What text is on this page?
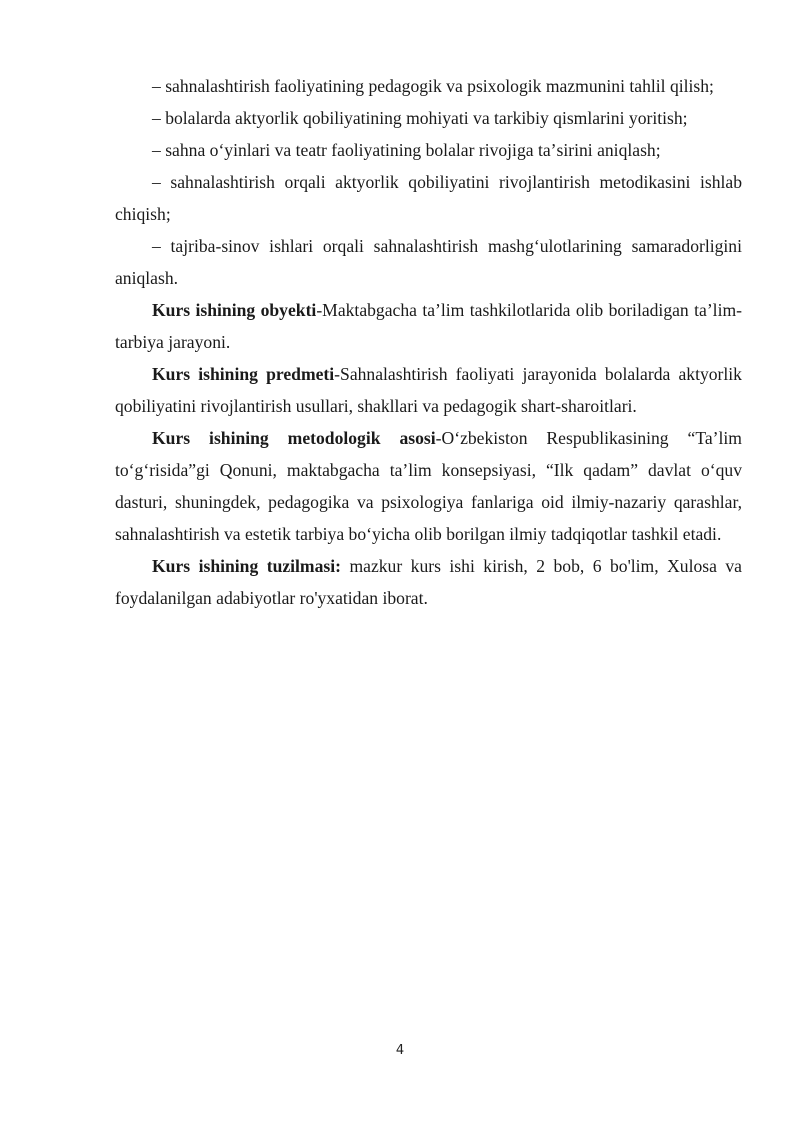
– sahnalashtirish faoliyatining pedagogik va psixologik mazmunini tahlil qilish;

– bolalarda aktyorlik qobiliyatining mohiyati va tarkibiy qismlarini yoritish;

– sahna oʻyinlari va teatr faoliyatining bolalar rivojiga taʼsirini aniqlash;

– sahnalashtirish orqali aktyorlik qobiliyatini rivojlantirish metodikasini ishlab chiqish;

– tajriba-sinov ishlari orqali sahnalashtirish mashgʻulotlarining samaradorligini aniqlash.

Kurs ishining obyekti-Maktabgacha taʼlim tashkilotlarida olib boriladigan taʼlim-tarbiya jarayoni.

Kurs ishining predmeti-Sahnalashtirish faoliyati jarayonida bolalarda aktyorlik qobiliyatini rivojlantirish usullari, shakllari va pedagogik shart-sharoitlari.

Kurs ishining metodologik asosi-Oʻzbekiston Respublikasining “Taʼlim toʻgʻrisida”gi Qonuni, maktabgacha taʼlim konsepsiyasi, “Ilk qadam” davlat oʻquv dasturi, shuningdek, pedagogika va psixologiya fanlariga oid ilmiy-nazariy qarashlar, sahnalashtirish va estetik tarbiya boʻyicha olib borilgan ilmiy tadqiqotlar tashkil etadi.

Kurs ishining tuzilmasi: mazkur kurs ishi kirish, 2 bob, 6 bo'lim, Xulosa va foydalanilgan adabiyotlar ro'yxatidan iborat.

4
